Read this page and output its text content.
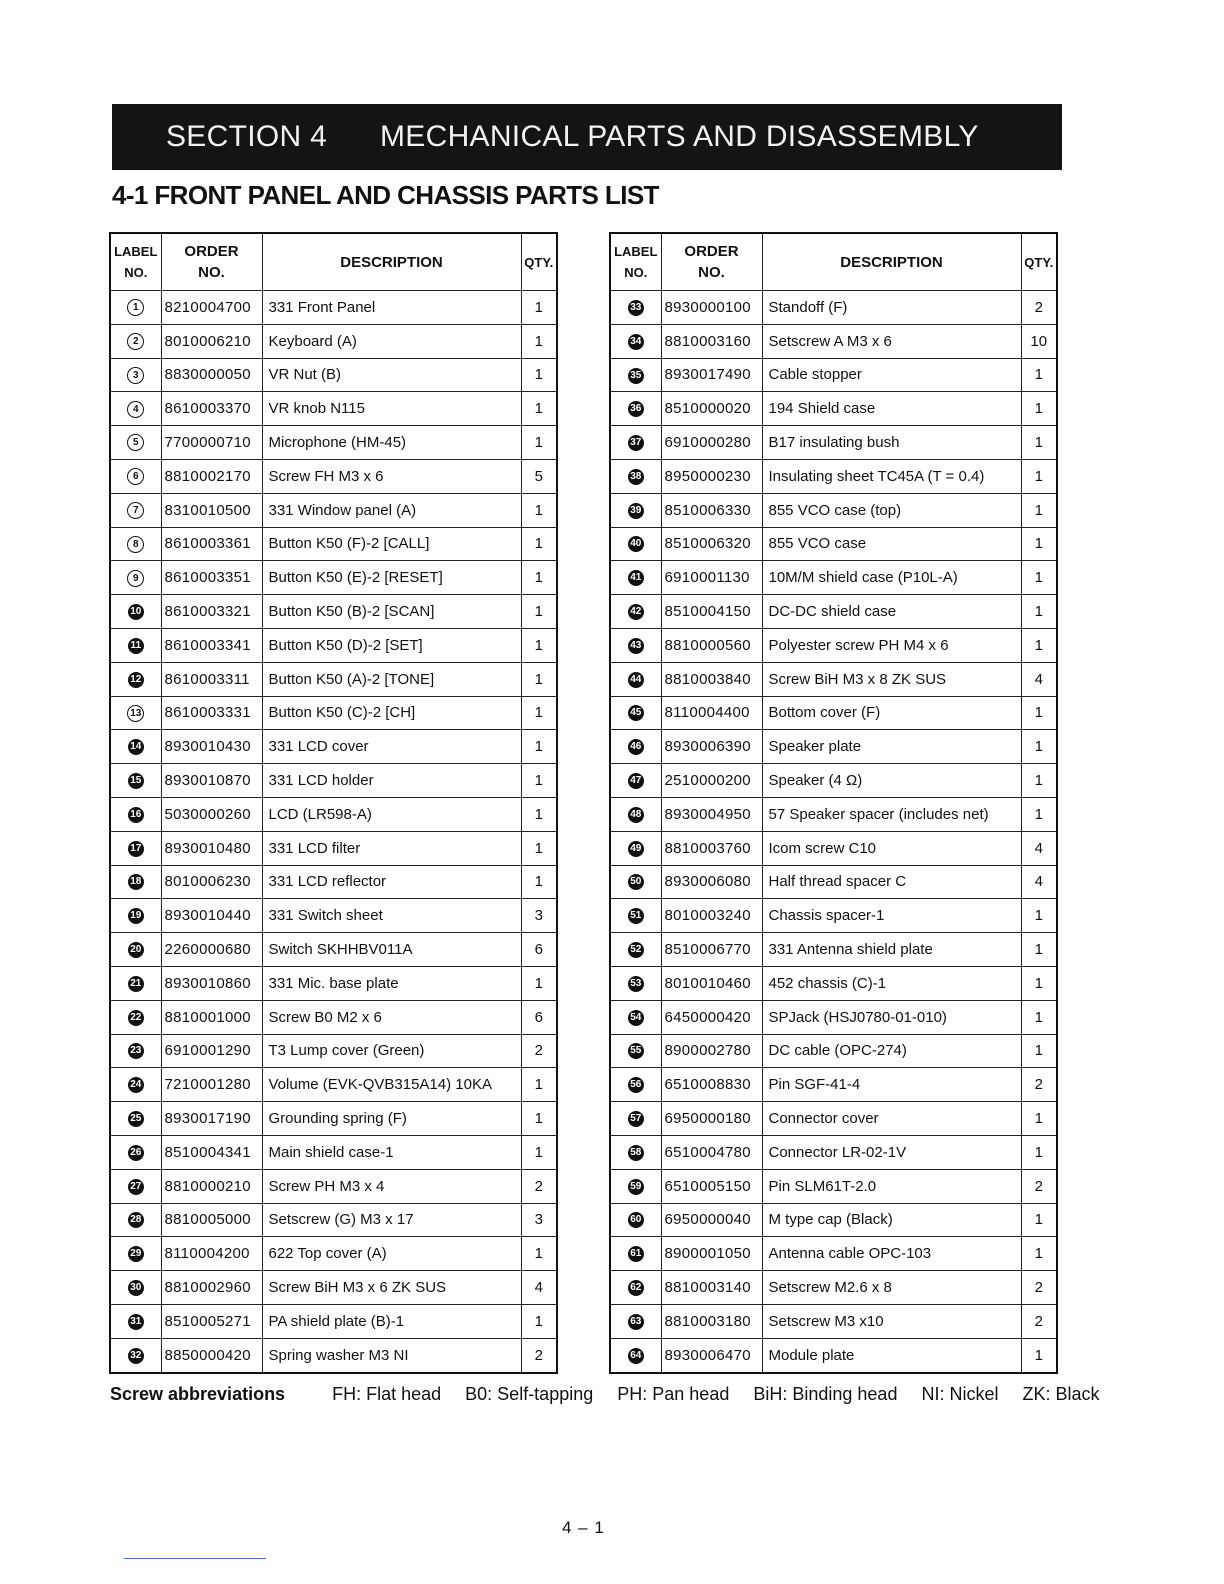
SECTION 4 MECHANICAL PARTS AND DISASSEMBLY
4-1 FRONT PANEL AND CHASSIS PARTS LIST
LABEL
NO.	ORDER
NO.	DESCRIPTION	QTY.
1	8210004700	331 Front Panel	1
2	8010006210	Keyboard (A)	1
3	8830000050	VR Nut (B)	1
4	8610003370	VR knob N115	1
5	7700000710	Microphone (HM-45)	1
6	8810002170	Screw FH M3 x 6	5
7	8310010500	331 Window panel (A)	1
8	8610003361	Button K50 (F)-2 [CALL]	1
9	8610003351	Button K50 (E)-2 [RESET]	1
10	8610003321	Button K50 (B)-2 [SCAN]	1
11	8610003341	Button K50 (D)-2 [SET]	1
12	8610003311	Button K50 (A)-2 [TONE]	1
13	8610003331	Button K50 (C)-2 [CH]	1
14	8930010430	331 LCD cover	1
15	8930010870	331 LCD holder	1
16	5030000260	LCD (LR598-A)	1
17	8930010480	331 LCD filter	1
18	8010006230	331 LCD reflector	1
19	8930010440	331 Switch sheet	3
20	2260000680	Switch SKHHBV011A	6
21	8930010860	331 Mic. base plate	1
22	8810001000	Screw B0 M2 x 6	6
23	6910001290	T3 Lump cover (Green)	2
24	7210001280	Volume (EVK-QVB315A14) 10KA	1
25	8930017190	Grounding spring (F)	1
26	8510004341	Main shield case-1	1
27	8810000210	Screw PH M3 x 4	2
28	8810005000	Setscrew (G) M3 x 17	3
29	8110004200	622 Top cover (A)	1
30	8810002960	Screw BiH M3 x 6 ZK SUS	4
31	8510005271	PA shield plate (B)-1	1
32	8850000420	Spring washer M3 NI	2
LABEL
NO.	ORDER
NO.	DESCRIPTION	QTY.
33	8930000100	Standoff (F)	2
34	8810003160	Setscrew A M3 x 6	10
35	8930017490	Cable stopper	1
36	8510000020	194 Shield case	1
37	6910000280	B17 insulating bush	1
38	8950000230	Insulating sheet TC45A (T = 0.4)	1
39	8510006330	855 VCO case (top)	1
40	8510006320	855 VCO case	1
41	6910001130	10M/M shield case (P10L-A)	1
42	8510004150	DC-DC shield case	1
43	8810000560	Polyester screw PH M4 x 6	1
44	8810003840	Screw BiH M3 x 8 ZK SUS	4
45	8110004400	Bottom cover (F)	1
46	8930006390	Speaker plate	1
47	2510000200	Speaker (4 Ω)	1
48	8930004950	57 Speaker spacer (includes net)	1
49	8810003760	Icom screw C10	4
50	8930006080	Half thread spacer C	4
51	8010003240	Chassis spacer-1	1
52	8510006770	331 Antenna shield plate	1
53	8010010460	452 chassis (C)-1	1
54	6450000420	SPJack (HSJ0780-01-010)	1
55	8900002780	DC cable (OPC-274)	1
56	6510008830	Pin SGF-41-4	2
57	6950000180	Connector cover	1
58	6510004780	Connector LR-02-1V	1
59	6510005150	Pin SLM61T-2.0	2
60	6950000040	M type cap (Black)	1
61	8900001050	Antenna cable OPC-103	1
62	8810003140	Setscrew M2.6 x 8	2
63	8810003180	Setscrew M3 x10	2
64	8930006470	Module plate	1
Screw abbreviations	FH: Flat head B0: Self-tapping PH: Pan head BiH: Binding head NI: Nickel ZK: Black
4 – 1
